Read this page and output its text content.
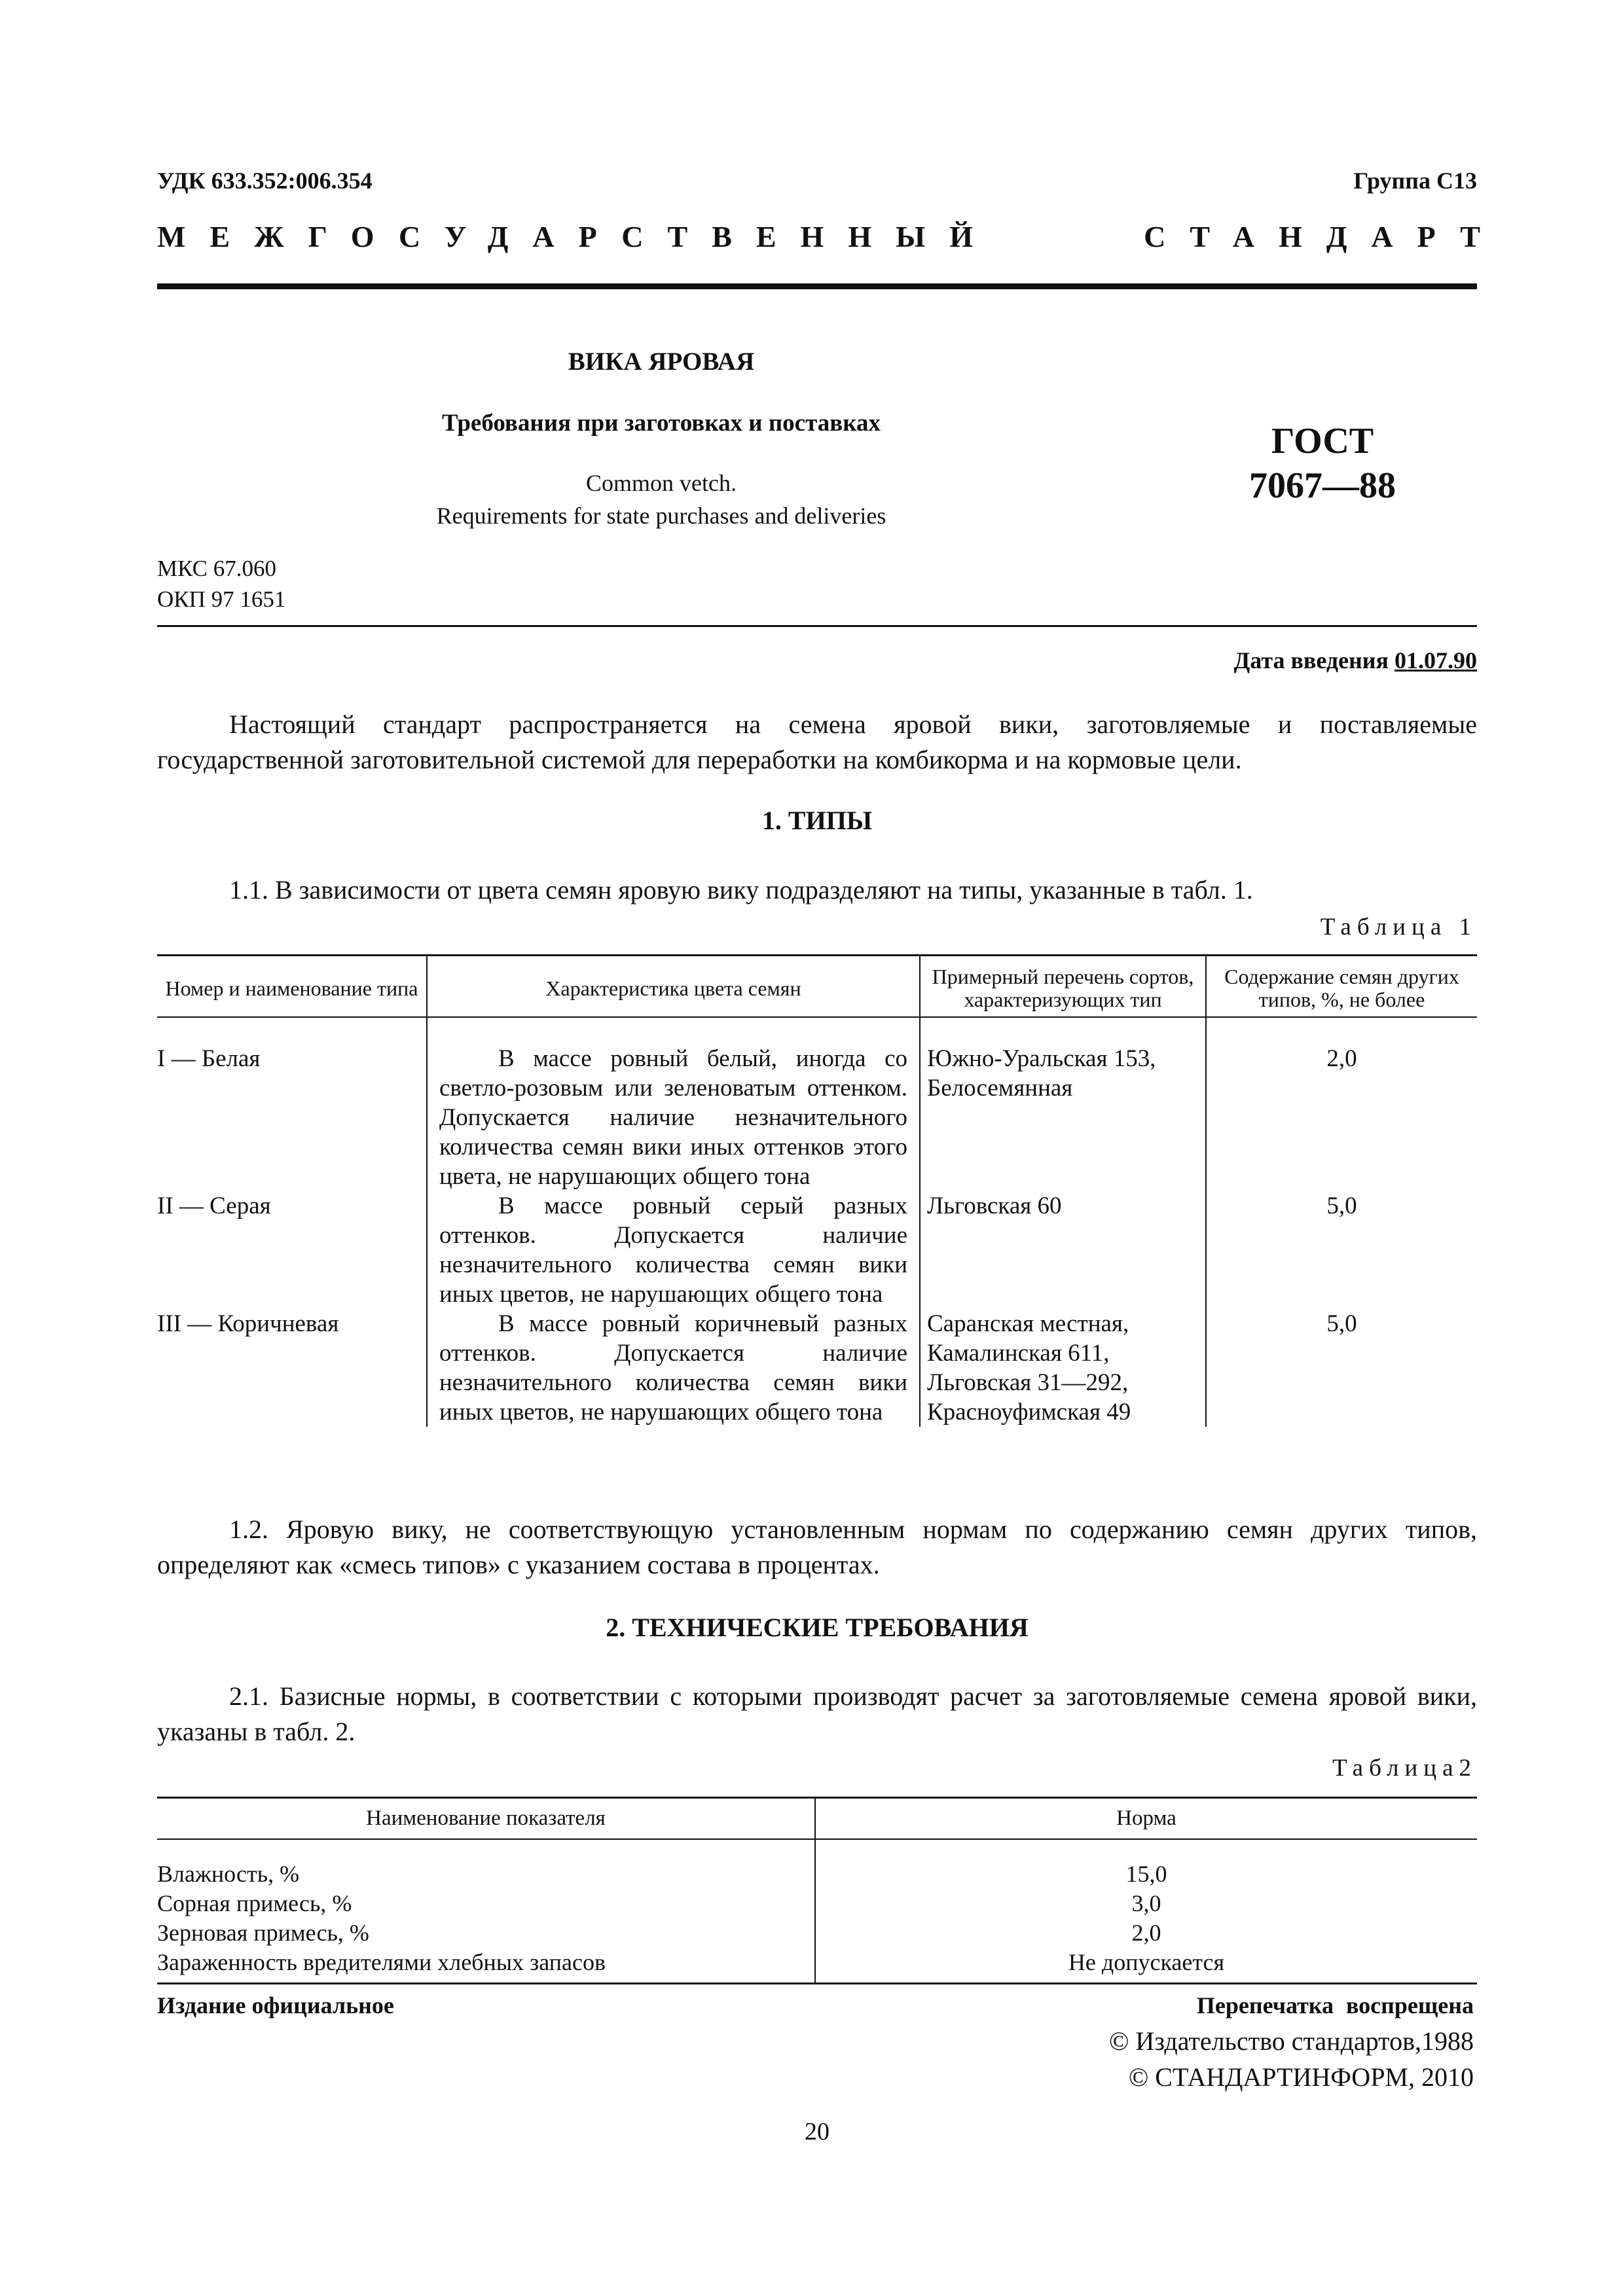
УДК 633.352:006.354	Группа С13
МЕЖГОСУДАРСТВЕННЫЙ	СТАНДАРТ
ВИКА ЯРОВАЯ
Требования при заготовках и поставках
Common vetch.
Requirements for state purchases and deliveries
ГОСТ
7067—88
МКС 67.060
ОКП 97 1651
Дата введения 01.07.90
Настоящий стандарт распространяется на семена яровой вики, заготовляемые и поставляемые государственной заготовительной системой для переработки на комбикорма и на кормовые цели.
1. ТИПЫ
1.1. В зависимости от цвета семян яровую вику подразделяют на типы, указанные в табл. 1.
Таблица 1
Номер и наименование типа	Характеристика цвета семян	Примерный перечень сортов, характеризующих тип	Содержание семян других типов, %, не более
I — Белая	В массе ровный белый, иногда со светло-розовым или зеленоватым оттенком. Допускается наличие незначительного количества семян вики иных оттенков этого цвета, не нарушающих общего тона	Южно-Уральская 153, Белосемянная	2,0
II — Серая	В массе ровный серый разных оттенков. Допускается наличие незначительного количества семян вики иных цветов, не нарушающих общего тона	Льговская 60	5,0
III — Коричневая	В массе ровный коричневый разных оттенков. Допускается наличие незначительного количества семян вики иных цветов, не нарушающих общего тона	Саранская местная, Камалинская 611, Льговская 31—292, Красноуфимская 49	5,0
1.2. Яровую вику, не соответствующую установленным нормам по содержанию семян других типов, определяют как «смесь типов» с указанием состава в процентах.
2. ТЕХНИЧЕСКИЕ ТРЕБОВАНИЯ
2.1. Базисные нормы, в соответствии с которыми производят расчет за заготовляемые семена яровой вики, указаны в табл. 2.
Таблица2
Наименование показателя	Норма
Влажность, %	15,0
Сорная примесь, %	3,0
Зерновая примесь, %	2,0
Зараженность вредителями хлебных запасов	Не допускается
Издание официальное	Перепечатка воспрещена
© Издательство стандартов,1988
© СТАНДАРТИНФОРМ, 2010
20
